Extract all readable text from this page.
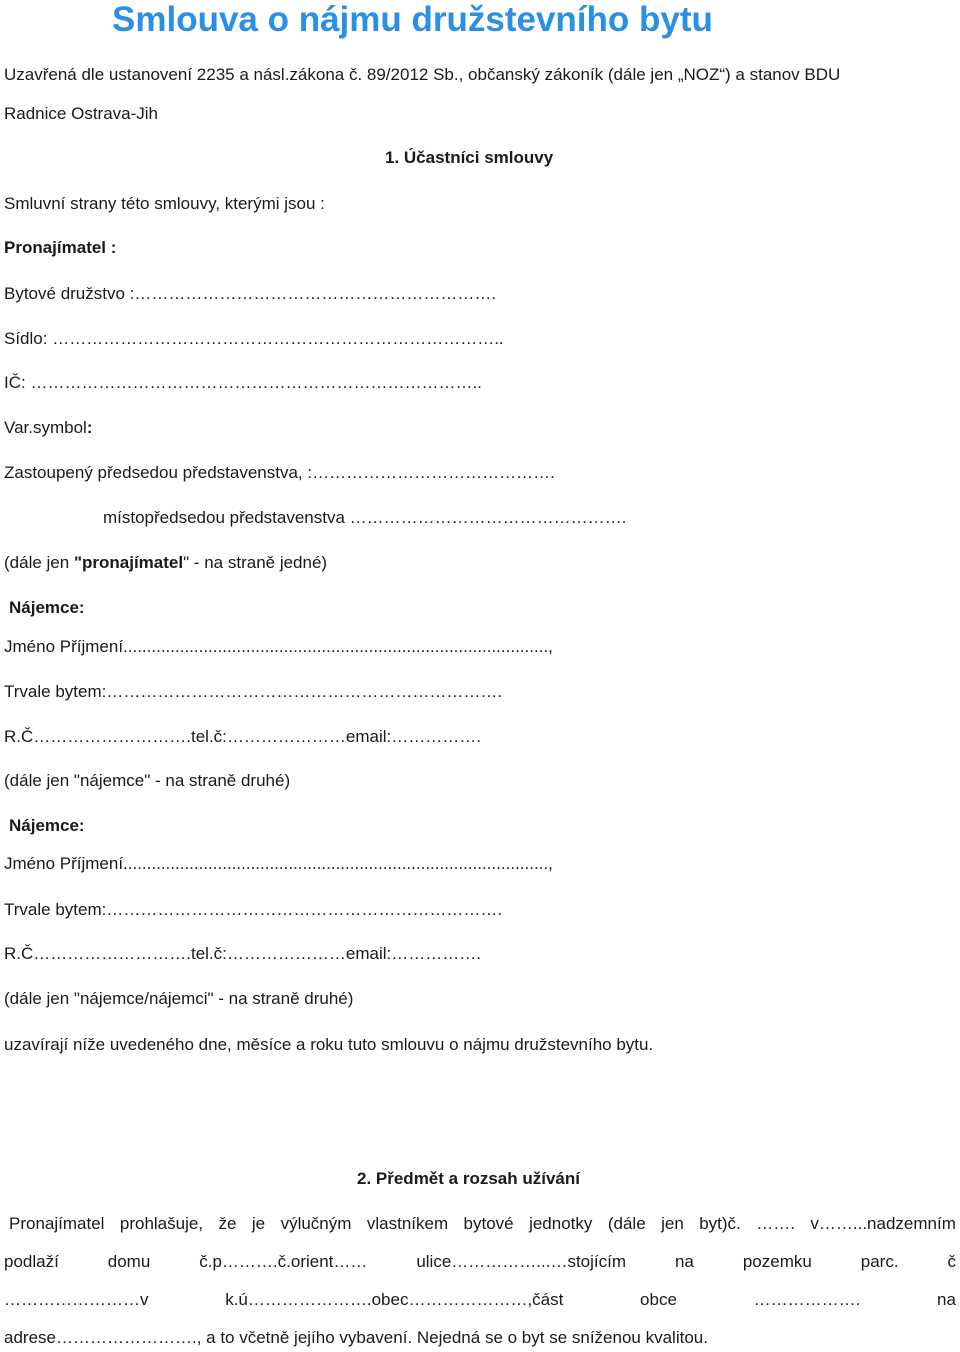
Smlouva o nájmu družstevního bytu
Uzavřená dle ustanovení 2235 a násl.zákona č. 89/2012 Sb., občanský zákoník (dále jen „NOZ“) a stanov BDU
Radnice Ostrava-Jih
1. Účastníci smlouvy
Smluvní strany této smlouvy, kterými jsou :
Pronajímatel :
Bytové družstvo :……………………………………………………….
Sídlo: ……………………………………………………………………..
IČ: ……………………………………………………………………..
Var.symbol:
Zastoupený předsedou představenstva, :…………………………………….
místopředsedou představenstva ………………………………………….
(dále jen "pronajímatel" - na straně jedné)
Nájemce:
Jméno Příjmení..........................................................................................,
Trvale bytem:…………………………………………………………….
R.Č……………………….tel.č:…………………email:…………….
(dále jen "nájemce" - na straně druhé)
Nájemce:
Jméno Příjmení..........................................................................................,
Trvale bytem:…………………………………………………………….
R.Č……………………….tel.č:…………………email:…………….
(dále jen "nájemce/nájemci" - na straně druhé)
uzavírají níže uvedeného dne, měsíce a roku tuto smlouvu o nájmu družstevního bytu.
2. Předmět a rozsah užívání
Pronajímatel prohlašuje, že je výlučným vlastníkem bytové jednotky (dále jen byt)č. ……. v……...nadzemním
podlaží	domu	č.p……….č.orient……	ulice……………...…stojícím	na	pozemku	parc.	č
……………………v	k.ú………………….obec…………………,část	obce	……………….	na
adrese……………………., a to včetně jejího vybavení. Nejedná se o byt se sníženou kvalitou.
